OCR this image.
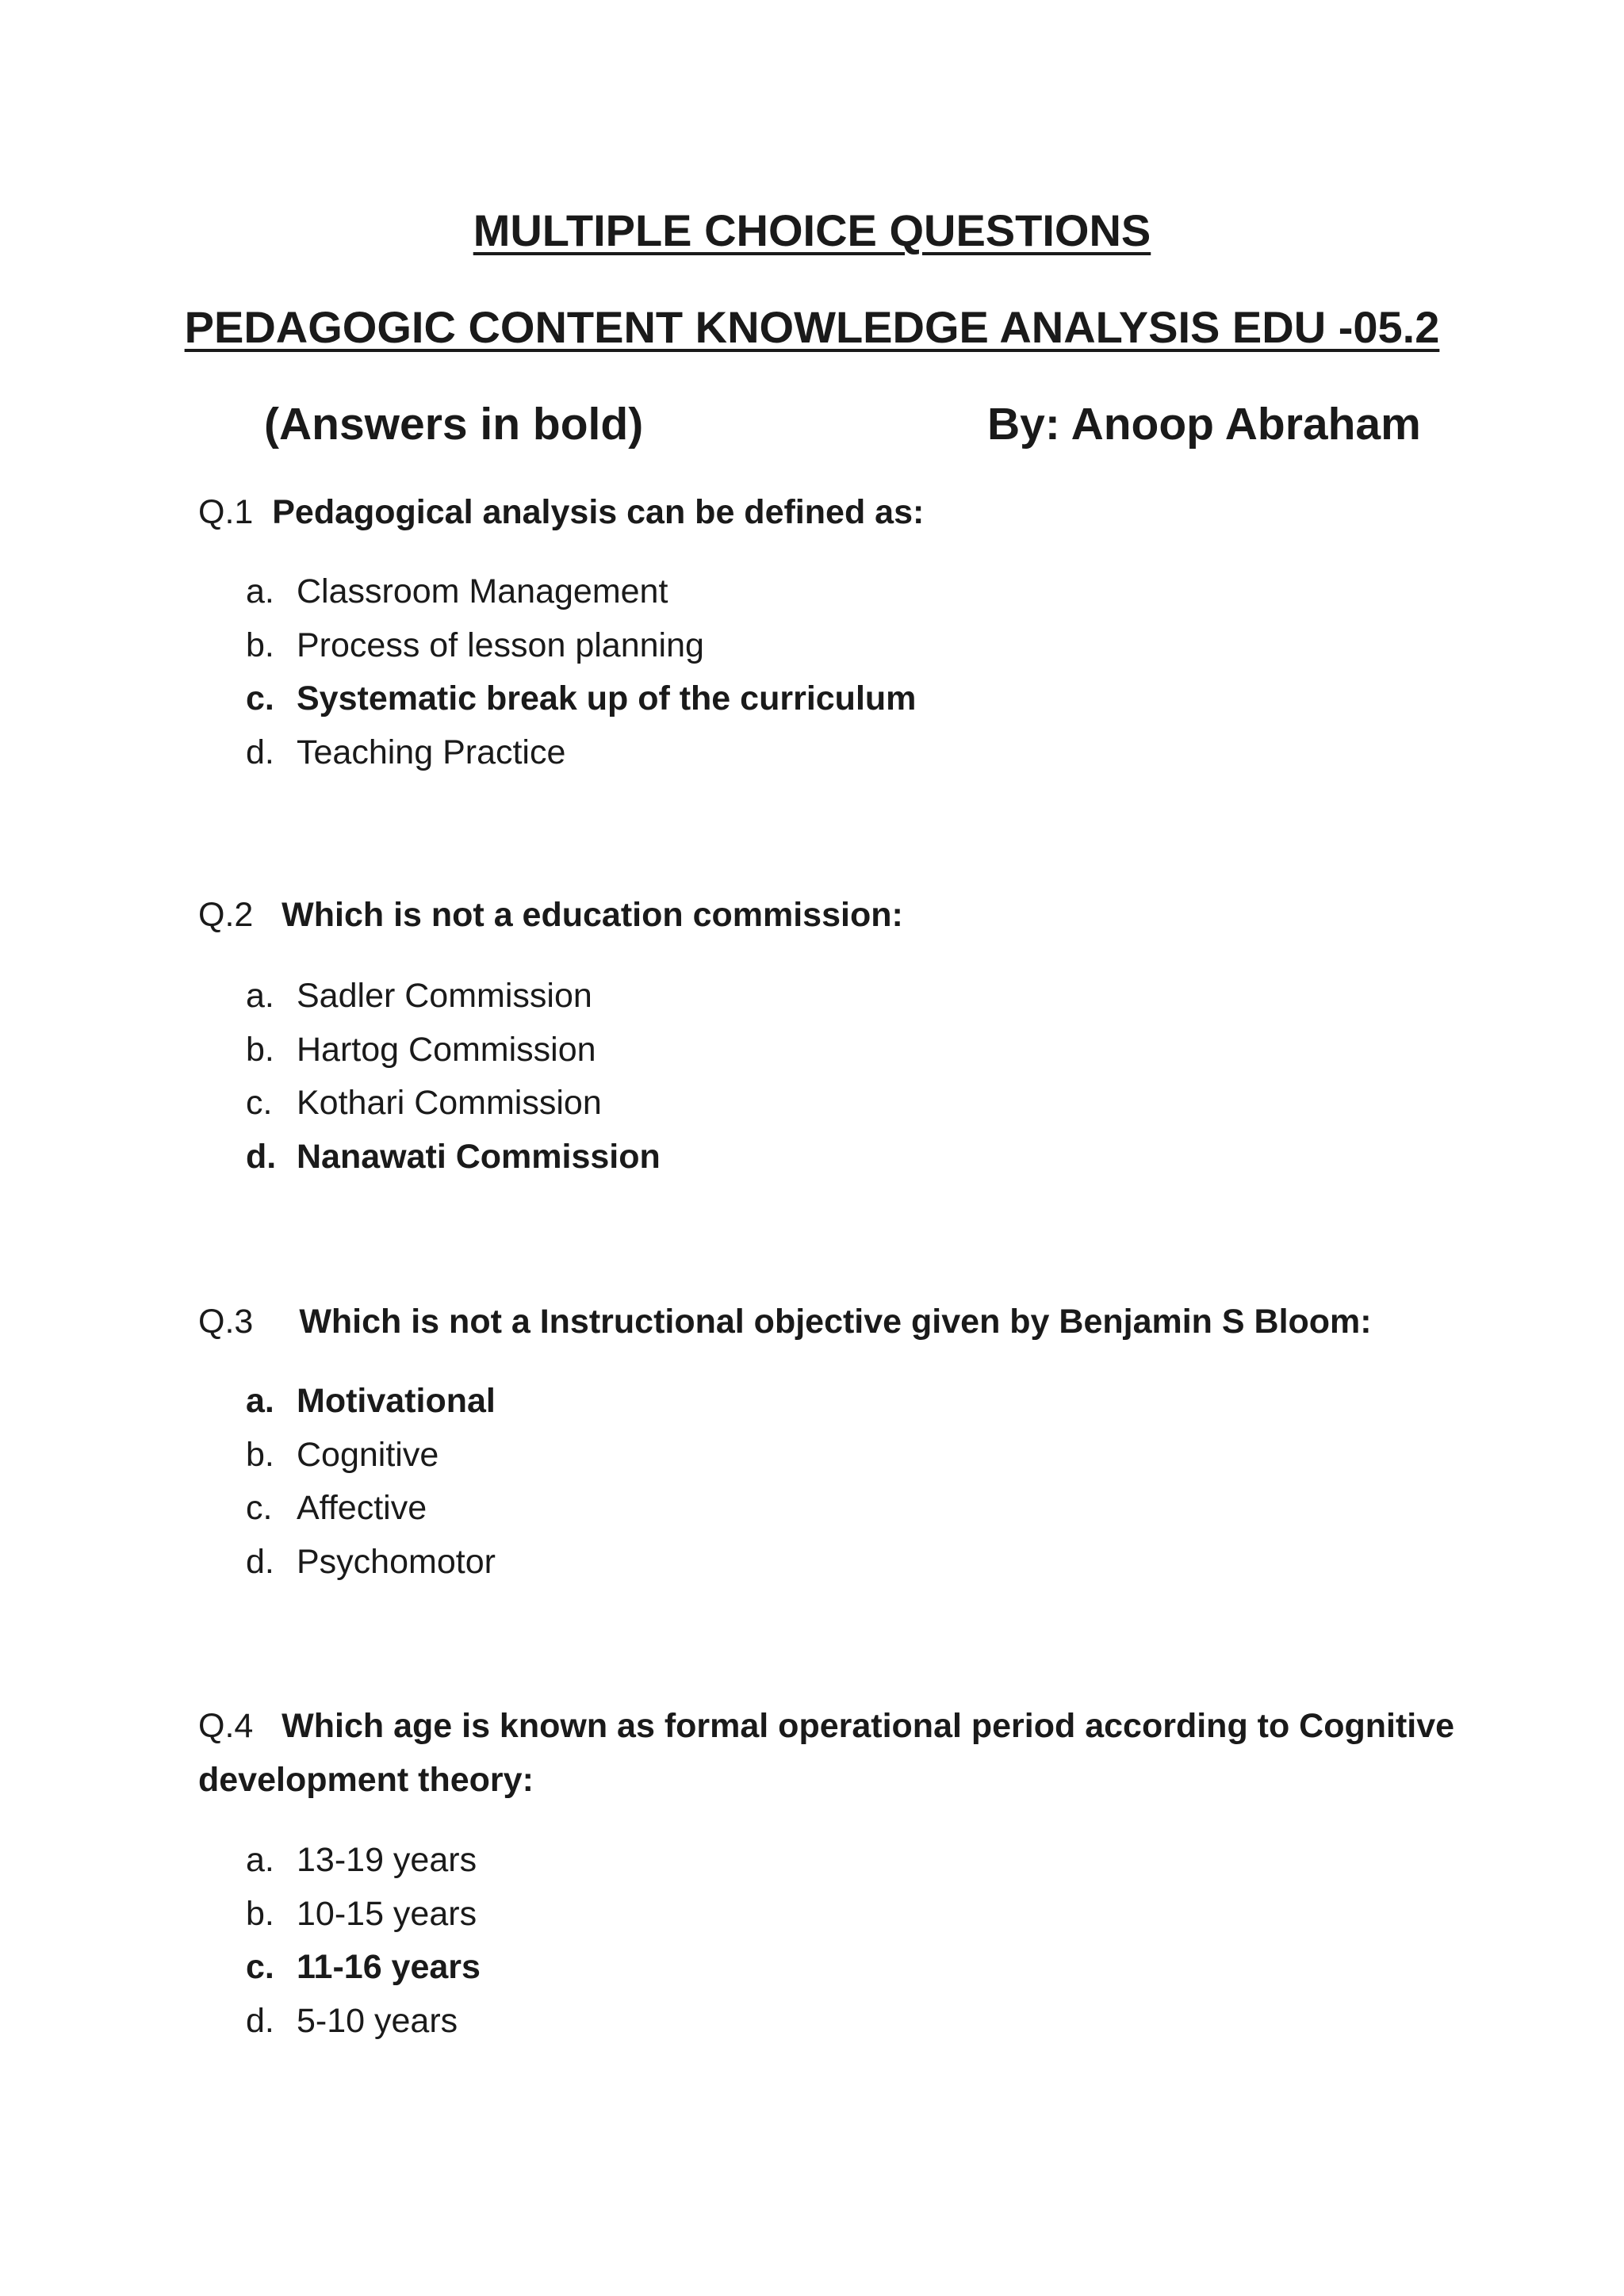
MULTIPLE CHOICE QUESTIONS
PEDAGOGIC CONTENT KNOWLEDGE ANALYSIS EDU -05.2
(Answers in bold)	By: Anoop Abraham
Q.1 Pedagogical analysis can be defined as:
a. Classroom Management
b. Process of lesson planning
c. Systematic break up of the curriculum
d. Teaching Practice
Q.2 Which is not a education commission:
a. Sadler Commission
b. Hartog Commission
c. Kothari Commission
d. Nanawati Commission
Q.3 Which is not a Instructional objective given by Benjamin S Bloom:
a. Motivational
b. Cognitive
c. Affective
d. Psychomotor
Q.4 Which age is known as formal operational period according to Cognitive
development theory:
a. 13-19 years
b. 10-15 years
c. 11-16 years
d. 5-10 years
